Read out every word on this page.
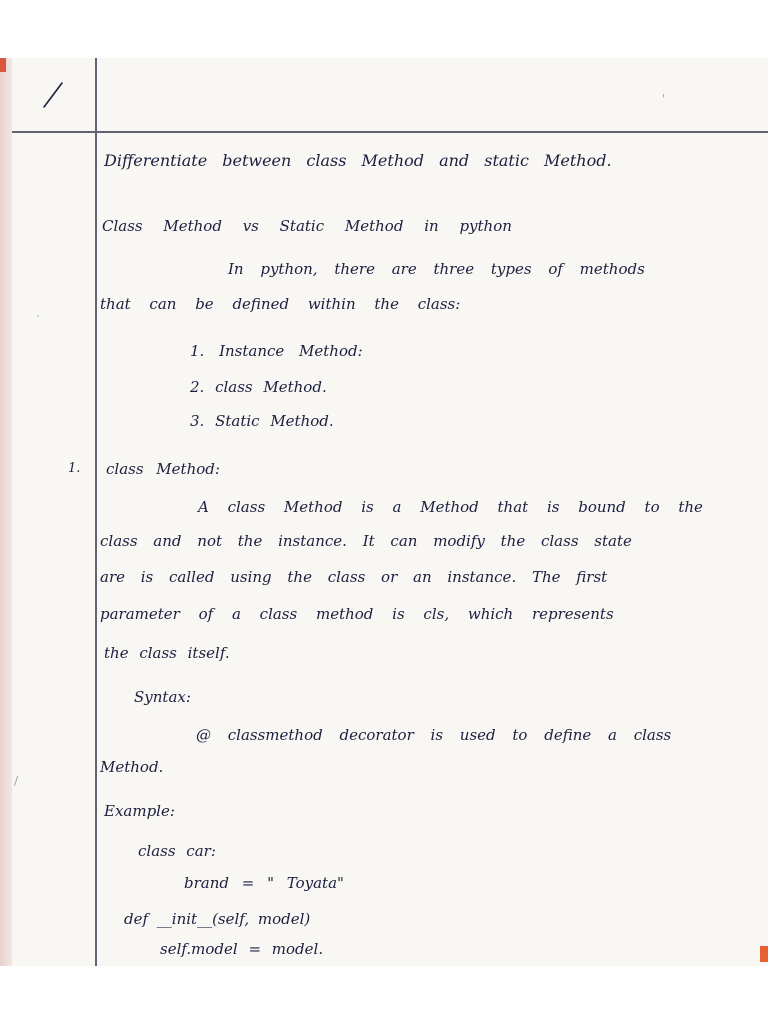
'
.
/
Differentiate between class Method and static Method.
Class Method vs Static Method in python
In python, there are three types of methods
that can be defined within the class:
1. Instance Method:
2. class Method.
3. Static Method.
1. class Method:
A class Method is a Method that is bound to the
class and not the instance. It can modify the class state
are is called using the class or an instance. The first
parameter of a class method is cls, which represents
the class itself.
Syntax:
@ classmethod decorator is used to define a class
Method.
Example:
class car:
brand = " Toyata"
def __init__(self, model)
self.model = model.
